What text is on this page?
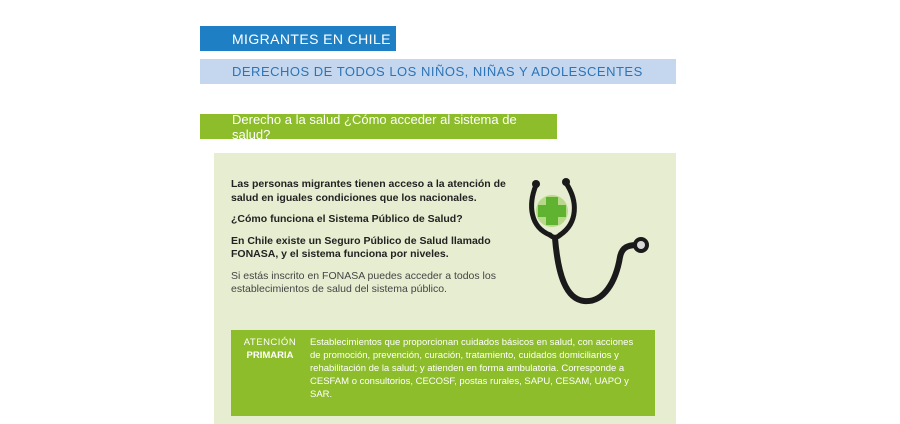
MIGRANTES EN CHILE
DERECHOS DE TODOS LOS NIÑOS, NIÑAS Y ADOLESCENTES
Derecho a la salud ¿Cómo acceder al sistema de salud?

Las personas migrantes tienen acceso a la atención de salud en iguales condiciones que los nacionales.

¿Cómo funciona el Sistema Público de Salud?

En Chile existe un Seguro Público de Salud llamado FONASA, y el sistema funciona por niveles.

Si estás inscrito en FONASA puedes acceder a todos los establecimientos de salud del sistema público.

ATENCIÓN
PRIMARIA
Establecimientos que proporcionan cuidados básicos en salud, con acciones de promoción, prevención, curación, tratamiento, cuidados domiciliarios y rehabilitación de la salud; y atienden en forma ambulatoria. Corresponde a CESFAM o consultorios, CECOSF, postas rurales, SAPU, CESAM, UAPO y SAR.
